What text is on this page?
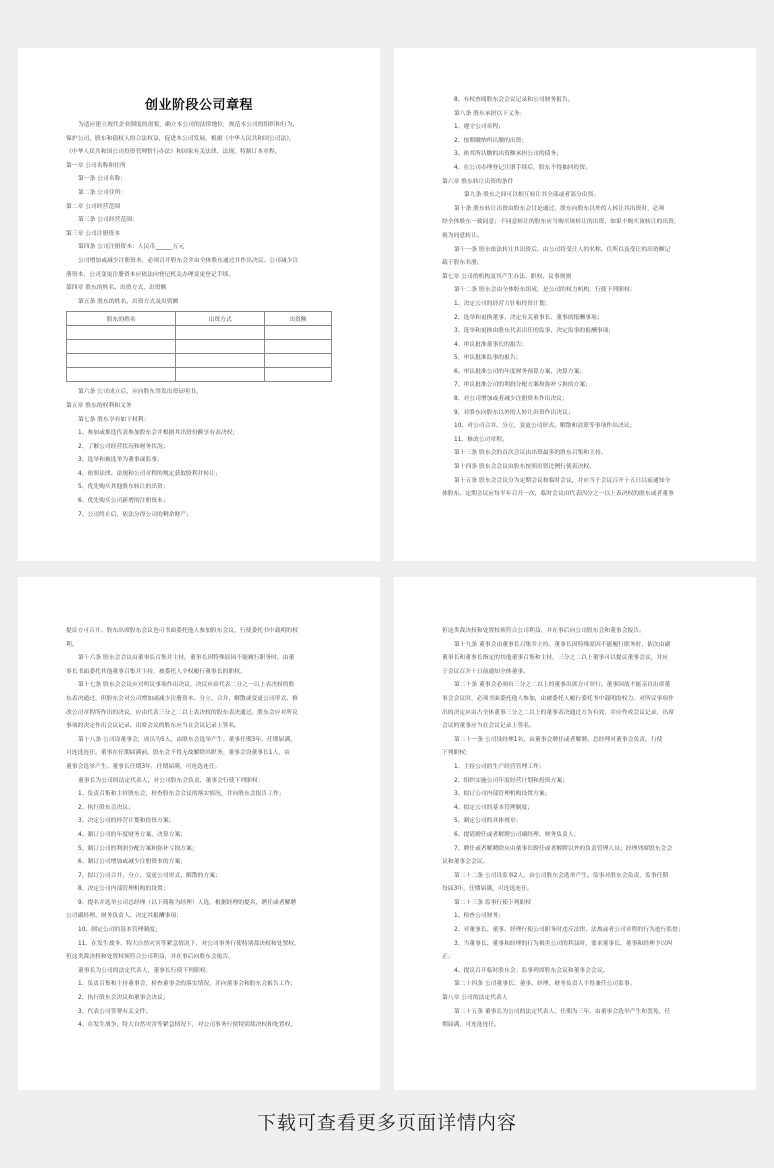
创业阶段公司章程
为适应建立现代企业制度的需要，确立本公司的法律地位，规范本公司的组织和行为，
保护公司、股东和债权人的合法权益，促进本公司发展，根据《中华人民共和国公司法》，
《中华人民共和国公司投资管理暂行办法》和国家有关法律、法规，特制订本章程。
第一章 公司名称和住所
第一条 公司名称：
第二条 公司住所：
第二章 公司经营范围
第三条 公司经营范围：
第三章 公司注册资本
第四条 公司注册资本：人民币______万元
公司增加或减少注册资本，必须召开股东会并由全体股东通过并作出决议。公司减少注
册资本，公司变更注册资本应依法向登记机关办理变更登记手续。
第四章 股东的姓名、出资方式、出资额
第五条 股东的姓名、出资方式及出资额
股东的姓名	出资方式	出资额

第六条 公司成立后，应向股东签发出资证明书。
第五章 股东的权利和义务
第七条 股东享有如下权利：
1、参加或推选代表参加股东会并根据其出资份额享有表决权；
2、了解公司经营状况和财务状况；
3、选举和被选举为董事或监事；
4、依照法律、法规和公司章程的规定获取股利并转让；
5、优先购买其他股东转让的出资；
6、优先购买公司新增的注册资本；
7、公司终止后，依法分得公司的剩余财产；
8、有权查阅股东会会议记录和公司财务报告。
第八条 股东承担以下义务：
1、遵守公司章程；
2、按期缴纳所认缴的出资；
3、依其所认缴的出资额承担公司的债务；
4、在公司办理登记注册手续后，股东不得抽回投资。
第六章 股东转让出资的条件
第九条 股东之间可以相互转让其全部或者部分出资。
第十条 股东转让出资由股东会讨论通过。股东向股东以外的人转让其出资时，必须
经全体股东一致同意；不同意转让的股东应当购买该转让的出资，如果不购买该转让的出资，
视为同意转让。
第十一条 股东依法转让其出资后，由公司将受让人的名称、住所以及受让的出资额记
载于股东名册。
第七章 公司的机构及其产生办法、职权、议事规则
第十二条 股东会由全体股东组成，是公司的权力机构，行使下列职权：
1、决定公司的经营方针和投资计划；
2、选举和更换董事，决定有关董事长、董事的报酬事项；
3、选举和更换由股东代表出任的监事，决定监事的报酬事项；
4、审议批准董事长的报告；
5、审议批准监事的报告；
6、审议批准公司的年度财务预算方案、决算方案；
7、审议批准公司的利润分配方案和弥补亏损的方案；
8、对公司增加或者减少注册资本作出决议；
9、对股东向股东以外的人转让出资作出决议；
10、对公司合并、分立、变更公司形式、解散和清算等事项作出决议；
11、修改公司章程。
第十三条 股东会的首次会议由出资最多的股东召集和主持。
第十四条 股东会会议由股东按照出资比例行使表决权。
第十五条 股东会会议分为定期会议和临时会议，并应当于会议召开十五日以前通知全
体股东。定期会议应每半年召开一次，临时会议由代表四分之一以上表决权的股东或者董事
提议方可召开。股东出席股东会议也可书面委托他人参加股东会议，行使委托书中载明的权
利。
第十六条 股东会会议由董事长召集并主持。董事长因特殊原因不能履行职务时，由董
事长书面委托其他董事召集并主持，被委托人全权履行董事长的职权。
第十七条 股东会会议应对所议事项作出决议，决议应由代表二分之一以上表决权的股
东表决通过，但股东会对公司增加或减少注册资本、分立、合并、解散或变更公司形式、修
改公司章程所作出的决议，应由代表三分之二以上表决权的股东表决通过。股东会应对所议
事项的决定作出会议记录，出席会议的股东应当在会议记录上签名。
第十八条 公司设董事会，成员为5人，由股东会选举产生。董事任期3年，任期届满，
可连选连任。董事在任期届满前，股东会不得无故解除其职务。董事会设董事长1人，由
董事会选举产生。董事长任期3年，任期届满，可连选连任。
董事长为公司的法定代表人，对公司股东会负责，董事会行使下列职权：
1、负责召集和主持股东会，检查股东会会议的落实情况，并向股东会报告工作；
2、执行股东会决议；
3、决定公司的经营计划和投资方案；
4、制订公司的年度财务方案、决算方案；
5、制订公司的利润分配方案和弥补亏损方案；
6、制订公司增加或减少注册资本的方案；
7、拟订公司合并、分立、变更公司形式、解散的方案；
8、决定公司内部管理机构的设置；
9、提名并选举公司总经理（以下简称为经理）人选，根据经理的提名，聘任或者解聘
公司副经理、财务负责人，决定其报酬事项；
10、制定公司的基本管理制度；
11、在发生战争、特大自然灾害等紧急情况下，对公司事务行使特别裁决权和处置权，
但这类裁决权和处置权须符合公司利益，并在事后向股东会报告。
董事长为公司的法定代表人，董事长行使下列职权：
1、负责召集和主持董事会，检查董事会的落实情况，并向董事会和股东会报告工作；
2、执行股东会决议和董事会决议；
3、代表公司签署有关文件；
4、在发生战争、特大自然灾害等紧急情况下，对公司事务行使特别裁决权和处置权，
但这类裁决权和处置权须符合公司利益，并在事后向公司股东会和董事会报告。
第十九条 董事会由董事长召集并主持。董事长因特殊原因不能履行职务时，依次由副
董事长和董事长指定的其他董事召集和主持，三分之二以上董事可以提议董事会议，并应
于会议召开十日前通知全体董事。
第二十条 董事会必须有三分之二以上的董事出席方可举行。董事因故不能亲自出席董
事会会议时，必须书面委托他人参加，由被委托人履行委托书中载明的权力。对所议事项作
出的决定应由占全体董事三分之二以上的董事表决通过方为有效，并应作成会议记录，出席
会议的董事应当在会议记录上签名。
第二十一条 公司设经理1名，由董事会聘任或者解聘。总经理对董事会负责，行使
下列职权：
1、主持公司的生产经营管理工作；
2、组织实施公司年度经营计划和投资方案；
3、拟订公司内部管理机构设置方案；
4、拟定公司的基本管理制度；
5、制定公司的具体规章；
6、提请聘任或者解聘公司副经理、财务负责人；
7、聘任或者解聘除应由董事长聘任或者解聘以外的负责管理人员；经理列席股东会会
议和董事会会议。
第二十二条 公司设监事2人，由公司股东会选举产生。监事对股东会负责，监事任期
每届3年，任期届满，可连选连任。
第二十三条 监事行使下列职权
1、检查公司财务；
2、对董事长、董事、经理行使公司职务时违反法律、法规或者公司章程的行为进行监督；
3、当董事长、董事和经理的行为损害公司的利益时，要求董事长、董事和经理予以纠
正；
4、提议召开临时股东会；监事列席股东会议和董事会会议。
第二十四条 公司董事长、董事、经理、财务负责人不得兼任公司监事。
第八章 公司的法定代表人
第二十五条 董事长为公司的法定代表人，任期为三年，由董事会选举产生和罢免，任
期届满，可连选连任。
下载可查看更多页面详情内容
